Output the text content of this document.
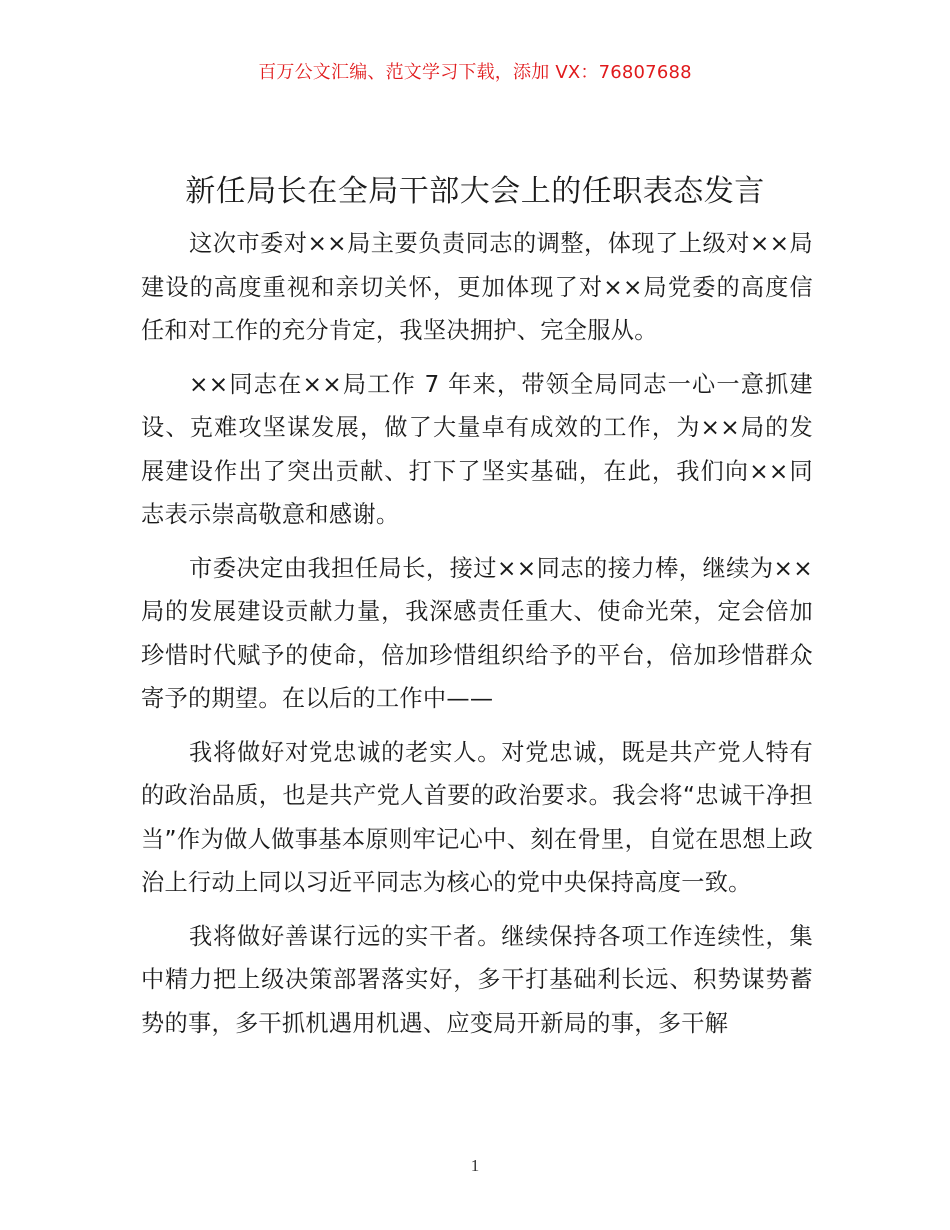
百万公文汇编、范文学习下载，添加 VX：76807688
新任局长在全局干部大会上的任职表态发言

这次市委对××局主要负责同志的调整，体现了上级对××局建设的高度重视和亲切关怀，更加体现了对××局党委的高度信任和对工作的充分肯定，我坚决拥护、完全服从。

××同志在××局工作 7 年来，带领全局同志一心一意抓建设、克难攻坚谋发展，做了大量卓有成效的工作，为××局的发展建设作出了突出贡献、打下了坚实基础，在此，我们向××同志表示崇高敬意和感谢。

市委决定由我担任局长，接过××同志的接力棒，继续为××局的发展建设贡献力量，我深感责任重大、使命光荣，定会倍加珍惜时代赋予的使命，倍加珍惜组织给予的平台，倍加珍惜群众寄予的期望。在以后的工作中——

我将做好对党忠诚的老实人。对党忠诚，既是共产党人特有的政治品质，也是共产党人首要的政治要求。我会将“忠诚干净担当”作为做人做事基本原则牢记心中、刻在骨里，自觉在思想上政治上行动上同以习近平同志为核心的党中央保持高度一致。

我将做好善谋行远的实干者。继续保持各项工作连续性，集中精力把上级决策部署落实好，多干打基础利长远、积势谋势蓄势的事，多干抓机遇用机遇、应变局开新局的事，多干解

1
